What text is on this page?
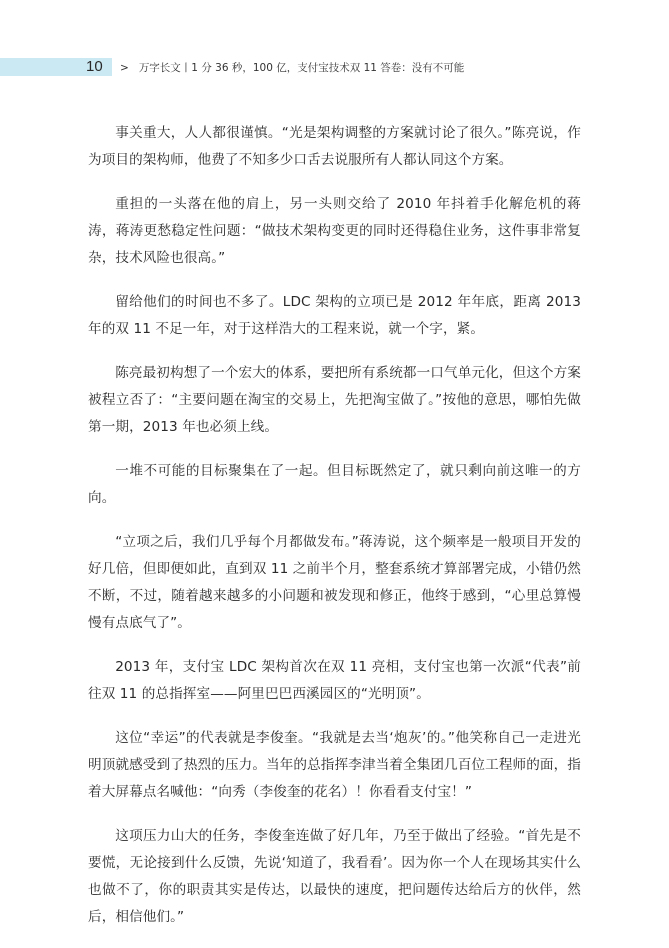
10 > 万字长文丨1 分 36 秒，100 亿，支付宝技术双 11 答卷：没有不可能

事关重大，人人都很谨慎。“光是架构调整的方案就讨论了很久。”陈亮说，作为项目的架构师，他费了不知多少口舌去说服所有人都认同这个方案。

重担的一头落在他的肩上，另一头则交给了 2010 年抖着手化解危机的蒋涛，蒋涛更愁稳定性问题：“做技术架构变更的同时还得稳住业务，这件事非常复杂，技术风险也很高。”

留给他们的时间也不多了。LDC 架构的立项已是 2012 年年底，距离 2013 年的双 11 不足一年，对于这样浩大的工程来说，就一个字，紧。

陈亮最初构想了一个宏大的体系，要把所有系统都一口气单元化，但这个方案被程立否了：“主要问题在淘宝的交易上，先把淘宝做了。”按他的意思，哪怕先做第一期，2013 年也必须上线。

一堆不可能的目标聚集在了一起。但目标既然定了，就只剩向前这唯一的方向。

“立项之后，我们几乎每个月都做发布。”蒋涛说，这个频率是一般项目开发的好几倍，但即便如此，直到双 11 之前半个月，整套系统才算部署完成，小错仍然不断，不过，随着越来越多的小问题和被发现和修正，他终于感到，“心里总算慢慢有点底气了”。

2013 年，支付宝 LDC 架构首次在双 11 亮相，支付宝也第一次派“代表”前往双 11 的总指挥室——阿里巴巴西溪园区的“光明顶”。

这位“幸运”的代表就是李俊奎。“我就是去当‘炮灰’的。”他笑称自己一走进光明顶就感受到了热烈的压力。当年的总指挥李津当着全集团几百位工程师的面，指着大屏幕点名喊他：“向秀（李俊奎的花名）！你看看支付宝！”

这项压力山大的任务，李俊奎连做了好几年，乃至于做出了经验。“首先是不要慌，无论接到什么反馈，先说‘知道了，我看看’。因为你一个人在现场其实什么也做不了，你的职责其实是传达，以最快的速度，把问题传达给后方的伙伴，然后，相信他们。”
